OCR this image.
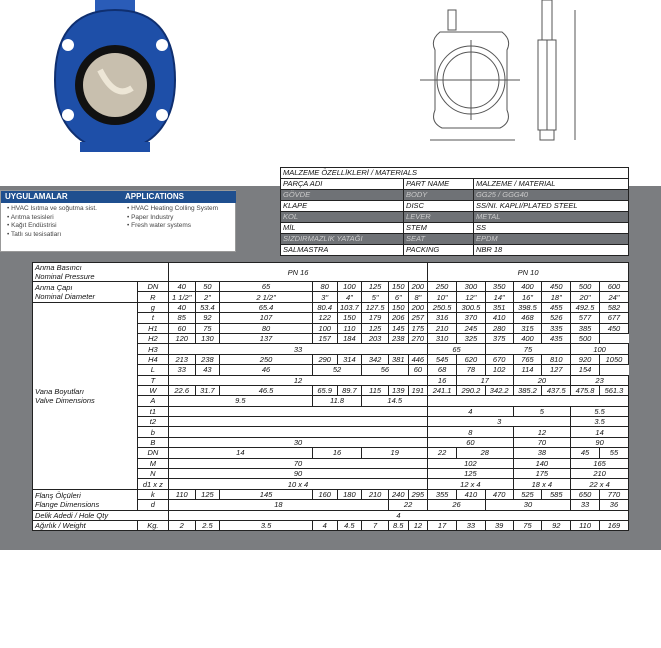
UYGULAMALAR	APPLICATIONS
• HVAC Isıtma ve soğutma sist.
• Arıtma tesisleri
• Kağıt Endüstrisi
• Tatlı su tesisatları
• HVAC Heating Colling System
• Paper Industry
• Fresh water systems
MALZEME ÖZELLİKLERİ / MATERIALS		
PARÇA ADI	PART NAME	MALZEME / MATERIAL
GÖVDE	BODY	GG25 / GGG40
KLAPE	DISC	SS/NI. KAPLI/PLATED STEEL
KOL	LEVER	METAL
MİL	STEM	SS
SIZDIRMAZLIK YATAĞI	SEAT	EPDM
SALMASTRA	PACKING	NBR 18
Anma Basıncı
Nominal Pressure		PN 16								PN 10						

Anma Çapı
Nominal Diameter	DN	40	50	65	80	100	125	150	200	250	300	350	400	450	500	600
	R	1 1/2"	2"	2 1/2"	3"	4"	5"	6"	8"	10"	12"	14"	16"	18"	20"	24"

Vana Boyutları
Valve Dimensions	g	40	53.4	65.4	80.4	103.7	127.5	150	200	250.5	300.5	351	398.5	455	492.5	582
	t	85	92	107	122	150	179	206	257	316	370	410	468	526	577	677
	H1	60	75	80	100	110	125	145	175	210	245	280	315	335	385	450
	H2	120	130	137	157	184	203	238	270	310	325	375	400	435	500	
	H3	33								65		75			100	
	H4	213	238	250	290	314	342	381	446	545	620	670	765	810	920	1050
	L	33	43	46	52		56		60	68	78	102	114	127	154	
	T	12								16	17		20		23	
	W	22.6	31.7	46.5	65.9	89.7	115	139	191	241.1	290.2	342.2	385.2	437.5	475.8	561.3
	A	9.5			11.8		14.5									
	t1									4			5		5.5	
	t2									3					3.5	
	b									8			12		14	
	B	30								60			70		90	
	DN	14			16		19			22	28		38		45	55
	M	70								102			140		165	
	N	90								125			175		210	
	d1 x z	10 x 4								12 x 4			18 x 4		22 x 4	

Flanş Ölçüleri
Flange Dimensions	k	110	125	145	160	180	210	240	295	355	410	470	525	585	650	770
	d	18						22		26		30			33	36
Delik Adedi / Hole Qty		4														
Ağırlık / Weight	Kg.	2	2.5	3.5	4	4.5	7	8.5	12	17	33	39	75	92	110	169
